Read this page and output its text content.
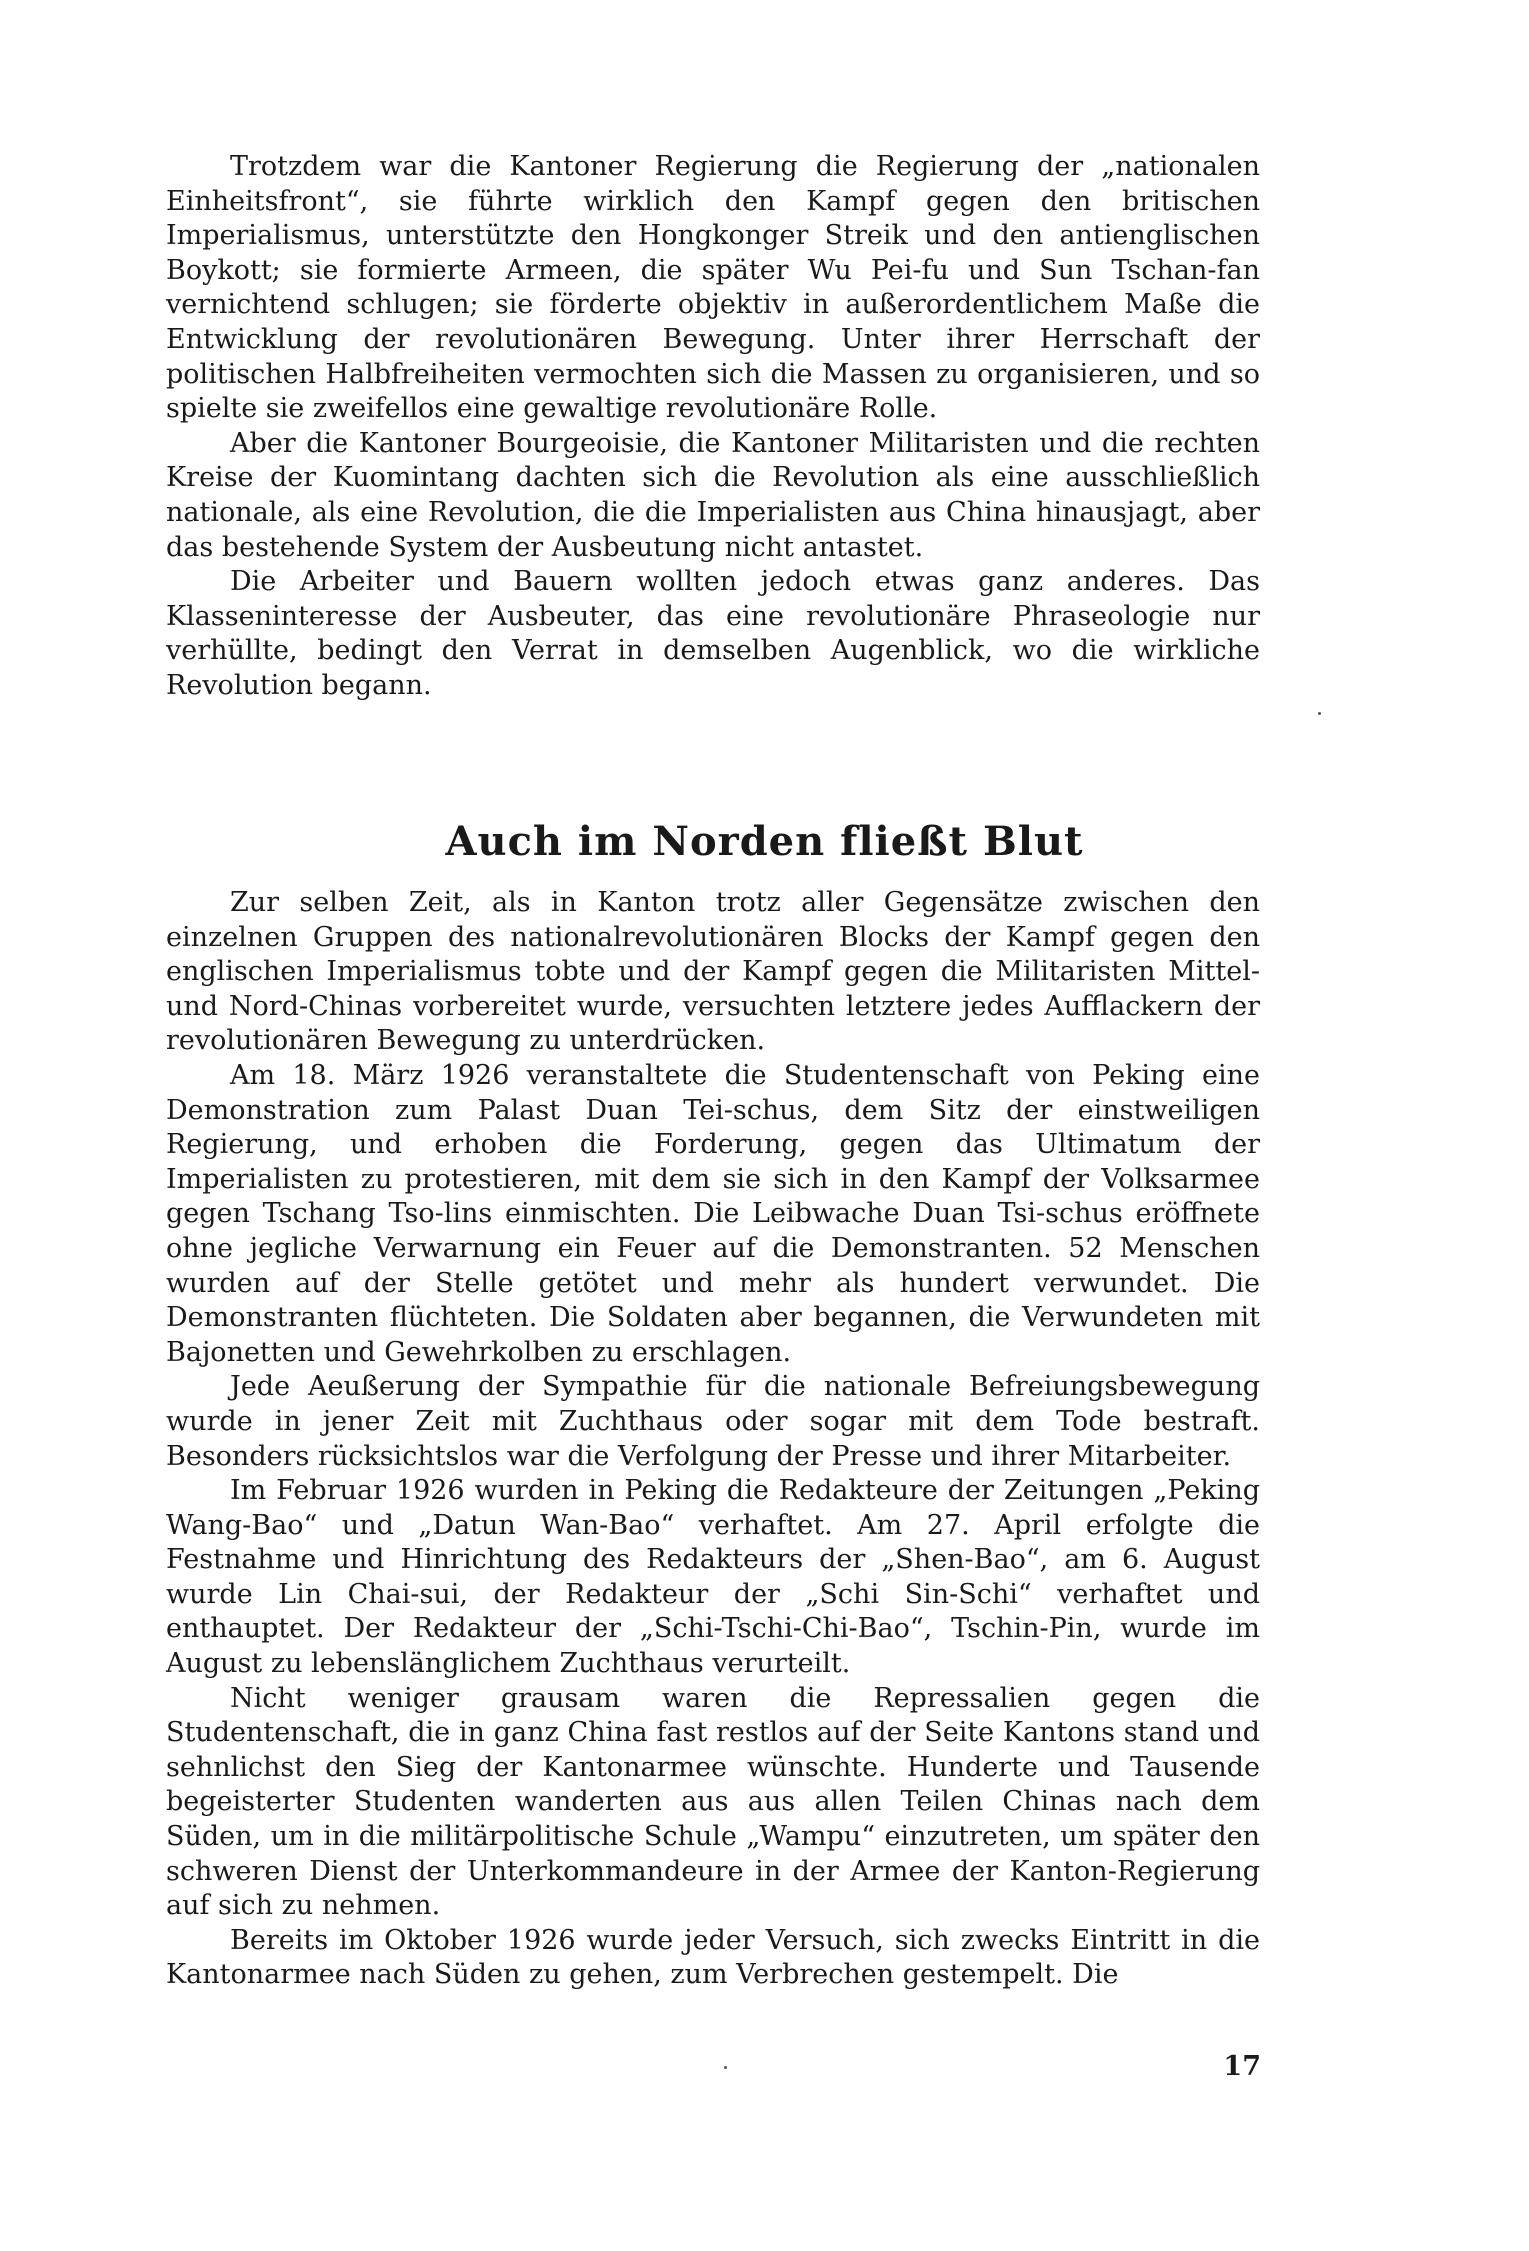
Trotzdem war die Kantoner Regierung die Regierung der „nationalen Einheitsfront“, sie führte wirklich den Kampf gegen den britischen Imperialismus, unterstützte den Hongkonger Streik und den antienglischen Boykott; sie formierte Armeen, die später Wu Pei-fu und Sun Tschan-fan vernichtend schlugen; sie förderte objektiv in außerordentlichem Maße die Entwicklung der revolutionären Bewegung. Unter ihrer Herrschaft der politischen Halbfreiheiten vermochten sich die Massen zu organisieren, und so spielte sie zweifellos eine gewaltige revolutionäre Rolle.

Aber die Kantoner Bourgeoisie, die Kantoner Militaristen und die rechten Kreise der Kuomintang dachten sich die Revolution als eine ausschließlich nationale, als eine Revolution, die die Imperialisten aus China hinausjagt, aber das bestehende System der Ausbeutung nicht antastet.

Die Arbeiter und Bauern wollten jedoch etwas ganz anderes. Das Klasseninteresse der Ausbeuter, das eine revolutionäre Phraseologie nur verhüllte, bedingt den Verrat in demselben Augenblick, wo die wirkliche Revolution begann.

Auch im Norden fließt Blut

Zur selben Zeit, als in Kanton trotz aller Gegensätze zwischen den einzelnen Gruppen des nationalrevolutionären Blocks der Kampf gegen den englischen Imperialismus tobte und der Kampf gegen die Militaristen Mittel- und Nord-Chinas vorbereitet wurde, versuchten letztere jedes Aufflackern der revolutionären Bewegung zu unterdrücken.

Am 18. März 1926 veranstaltete die Studentenschaft von Peking eine Demonstration zum Palast Duan Tei-schus, dem Sitz der einstweiligen Regierung, und erhoben die Forderung, gegen das Ultimatum der Imperialisten zu protestieren, mit dem sie sich in den Kampf der Volksarmee gegen Tschang Tso-lins einmischten. Die Leibwache Duan Tsi-schus eröffnete ohne jegliche Verwarnung ein Feuer auf die Demonstranten. 52 Menschen wurden auf der Stelle getötet und mehr als hundert verwundet. Die Demonstranten flüchteten. Die Soldaten aber begannen, die Verwundeten mit Bajonetten und Gewehrkolben zu erschlagen.

Jede Aeußerung der Sympathie für die nationale Befreiungsbewegung wurde in jener Zeit mit Zuchthaus oder sogar mit dem Tode bestraft. Besonders rücksichtslos war die Verfolgung der Presse und ihrer Mitarbeiter.

Im Februar 1926 wurden in Peking die Redakteure der Zeitungen „Peking Wang-Bao“ und „Datun Wan-Bao“ verhaftet. Am 27. April erfolgte die Festnahme und Hinrichtung des Redakteurs der „Shen-Bao“, am 6. August wurde Lin Chai-sui, der Redakteur der „Schi Sin-Schi“ verhaftet und enthauptet. Der Redakteur der „Schi-Tschi-Chi-Bao“, Tschin-Pin, wurde im August zu lebenslänglichem Zuchthaus verurteilt.

Nicht weniger grausam waren die Repressalien gegen die Studentenschaft, die in ganz China fast restlos auf der Seite Kantons stand und sehnlichst den Sieg der Kantonarmee wünschte. Hunderte und Tausende begeisterter Studenten wanderten aus aus allen Teilen Chinas nach dem Süden, um in die militärpolitische Schule „Wampu“ einzutreten, um später den schweren Dienst der Unterkommandeure in der Armee der Kanton-Regierung auf sich zu nehmen.

Bereits im Oktober 1926 wurde jeder Versuch, sich zwecks Eintritt in die Kantonarmee nach Süden zu gehen, zum Verbrechen gestempelt. Die

17
